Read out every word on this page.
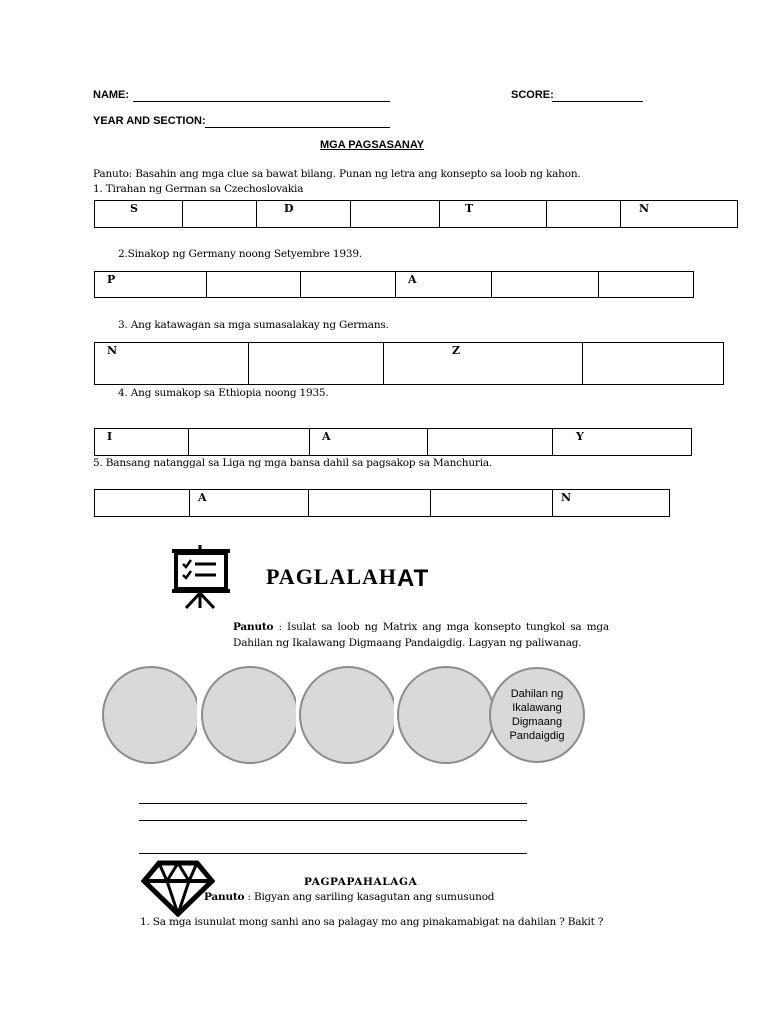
NAME:	SCORE:
YEAR AND SECTION:
MGA PAGSASANAY
Panuto: Basahin ang mga clue sa bawat bilang. Punan ng letra ang konsepto sa loob ng kahon.
1. Tirahan ng German sa Czechoslovakia
S		D		T		N
2.Sinakop ng Germany noong Setyembre 1939.
P			A		
3. Ang katawagan sa mga sumasalakay ng Germans.
N		Z	
4. Ang sumakop sa Ethiopia noong 1935.
I		A		Y
5. Bansang natanggal sa Liga ng mga bansa dahil sa pagsakop sa Manchuria.
	A			N
PAGLALAHAT
Panuto : Isulat sa loob ng Matrix ang mga konsepto tungkol sa mga Dahilan ng Ikalawang Digmaang Pandaigdig. Lagyan ng paliwanag.
Dahilan ng Ikalawang Digmaang Pandaigdig
PAGPAPAHALAGA
Panuto : Bigyan ang sariling kasagutan ang sumusunod
1. Sa mga isunulat mong sanhi ano sa palagay mo ang pinakamabigat na dahilan ? Bakit ?
